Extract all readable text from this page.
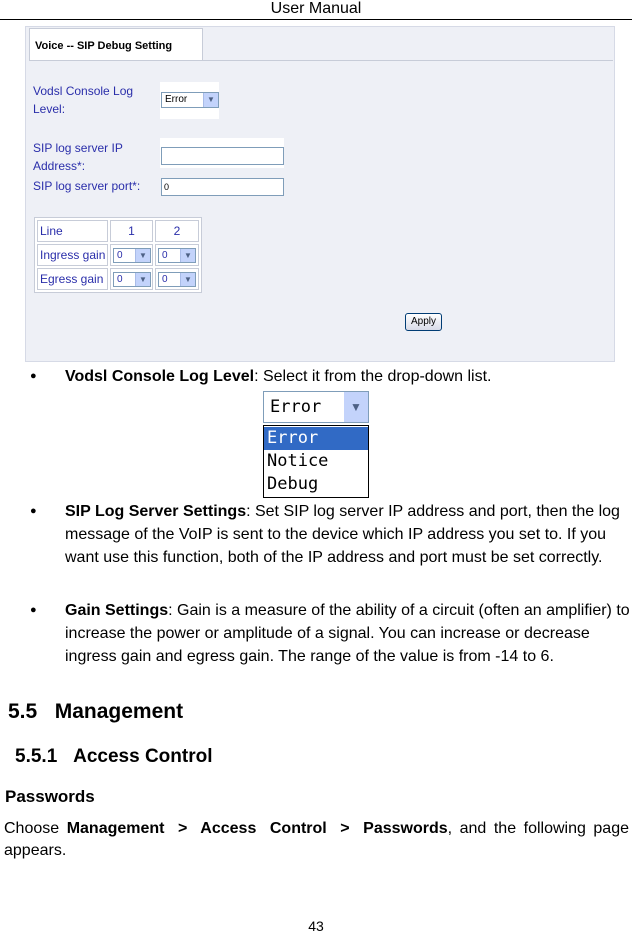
User Manual
Voice -- SIP Debug Setting
Vodsl Console Log
Level:
Error	▼
SIP log server IP
Address*:
SIP log server port*:	0
Line	1	2
Ingress gain	0	▼	0	▼
Egress gain	0	▼	0	▼
Apply
● Vodsl Console Log Level: Select it from the drop-down list.
Error	▼
Error
Notice
Debug
● SIP Log Server Settings: Set SIP log server IP address and port, then the log message of the VoIP is sent to the device which IP address you set to. If you want use this function, both of the IP address and port must be set correctly.
● Gain Settings: Gain is a measure of the ability of a circuit (often an amplifier) to increase the power or amplitude of a signal. You can increase or decrease ingress gain and egress gain. The range of the value is from -14 to 6.
5.5 Management
5.5.1 Access Control
Passwords
Choose Management > Access Control > Passwords, and the following page appears.
43
